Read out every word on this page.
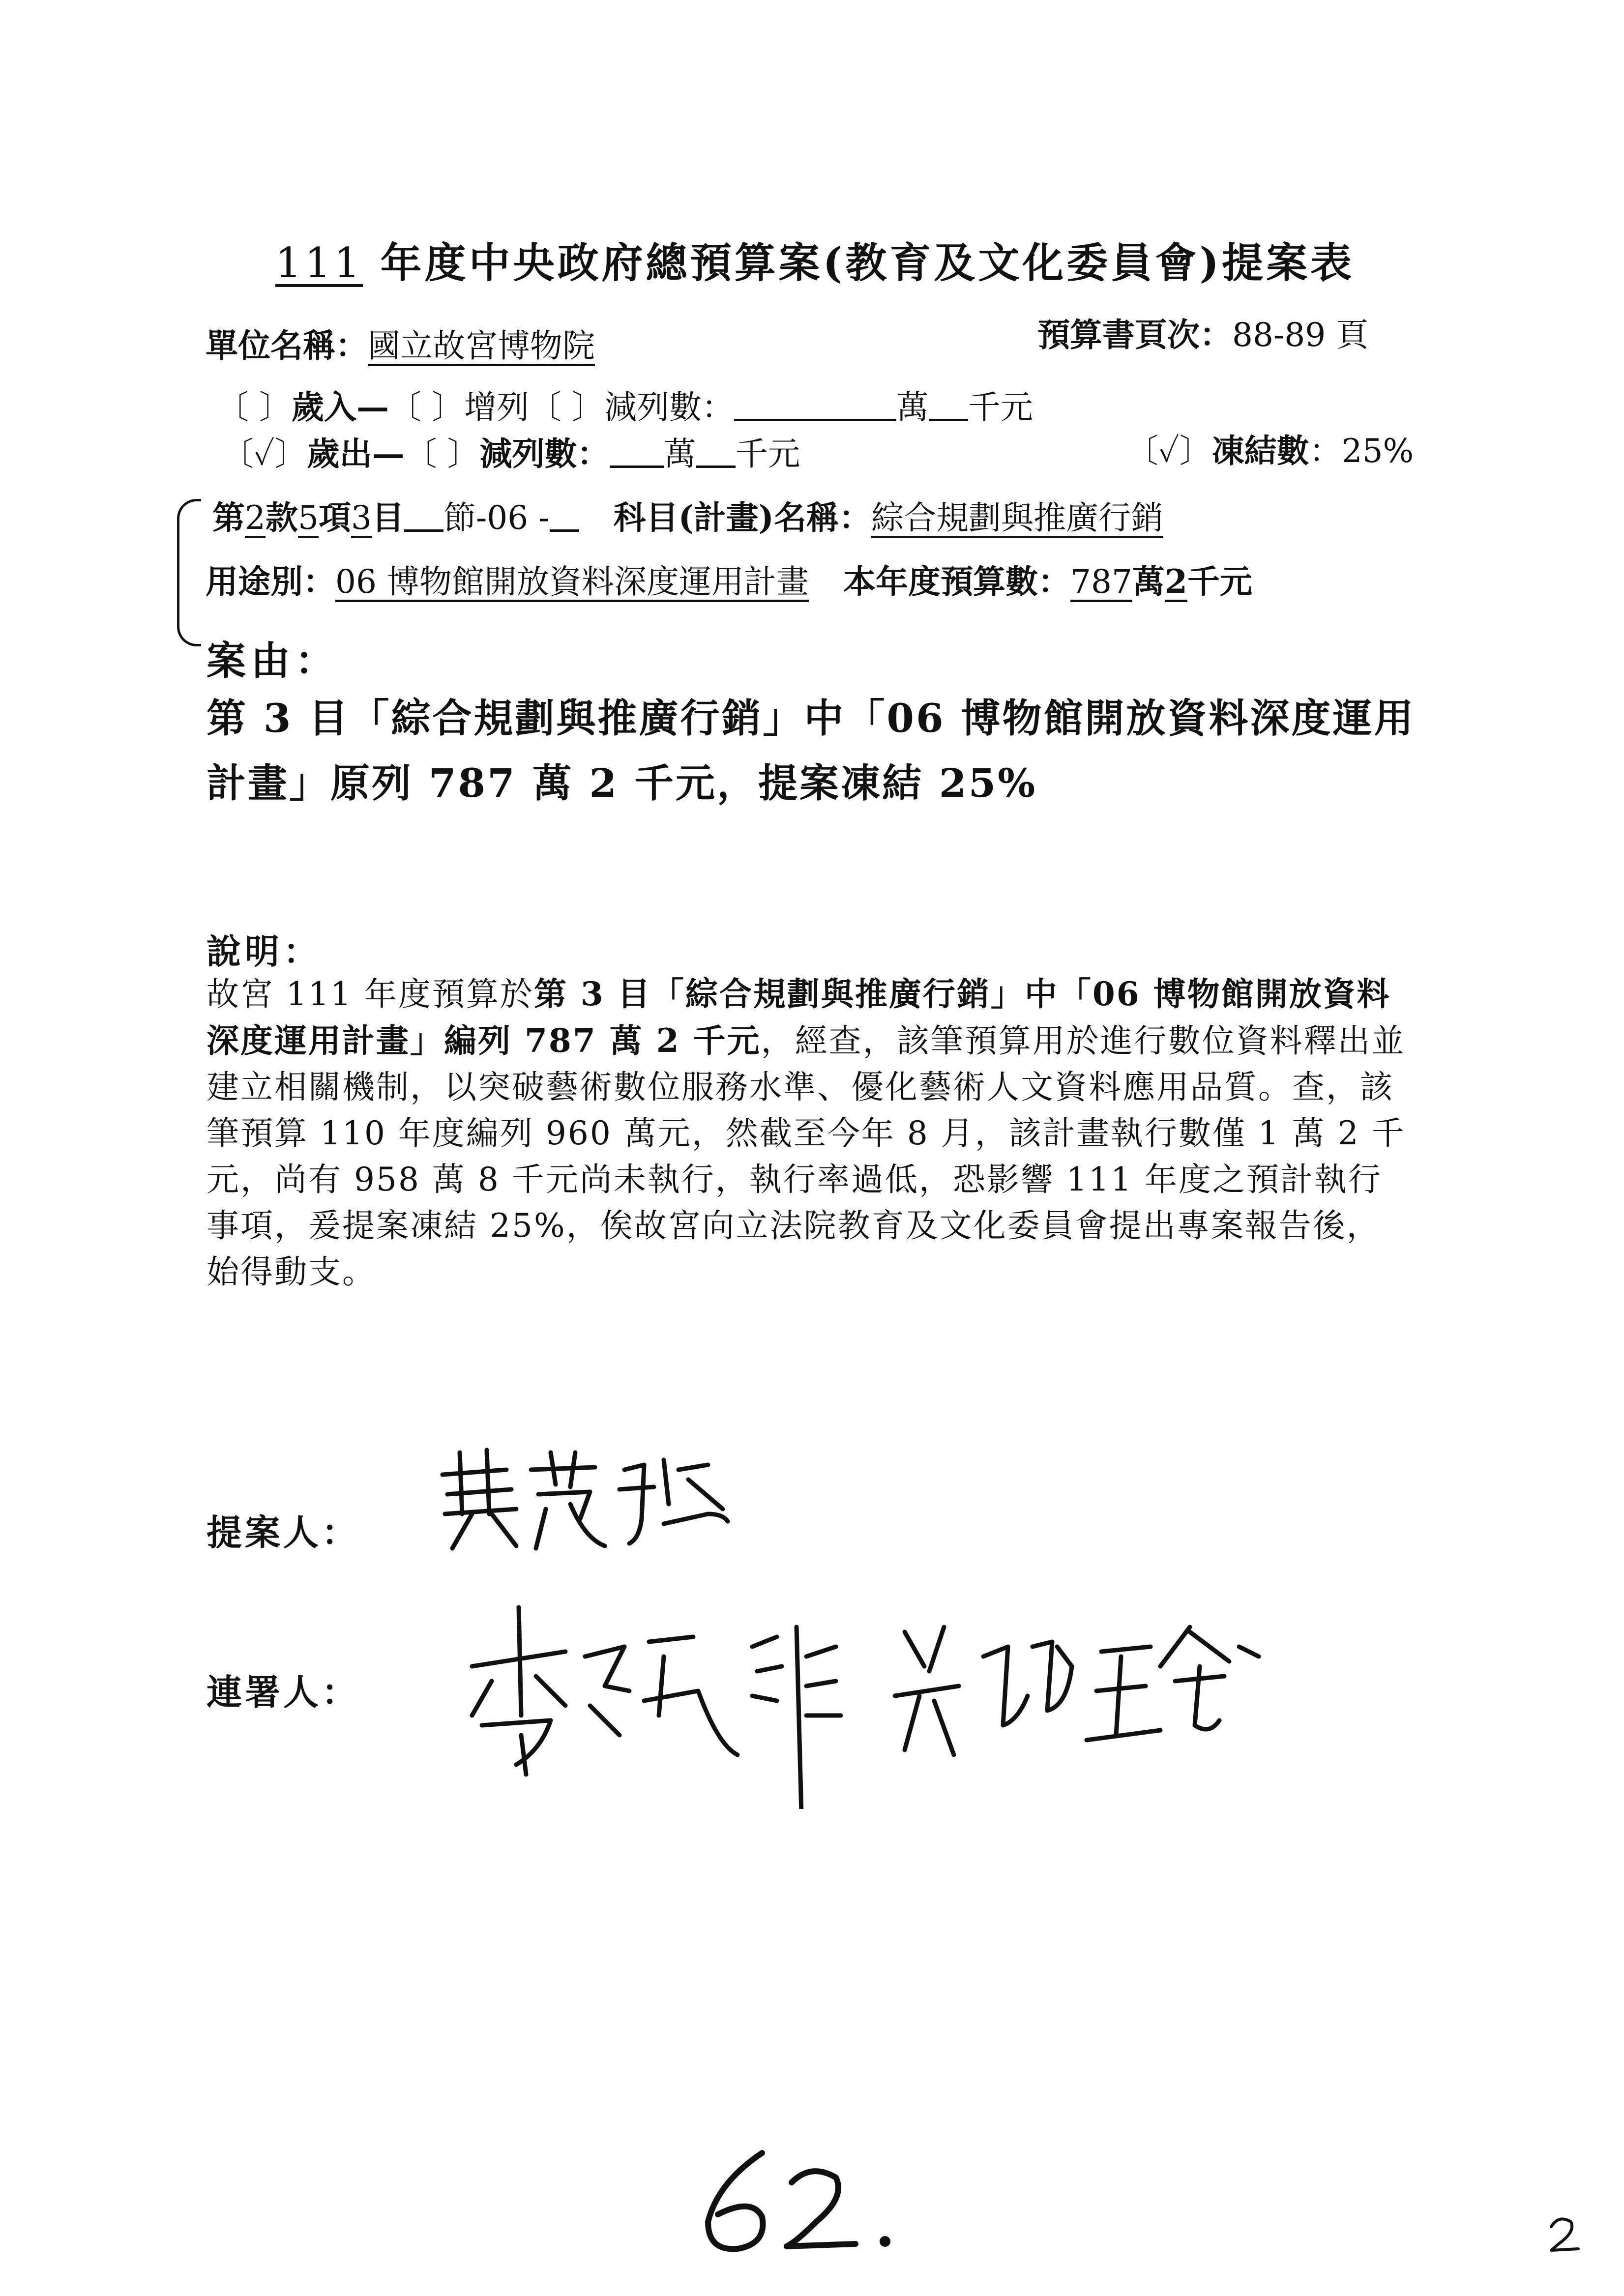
111 年度中央政府總預算案(教育及文化委員會)提案表
單位名稱：國立故宮博物院	預算書頁次：88-89 頁
〔 〕歲入—〔 〕增列〔 〕減列數：	萬 千元
〔✓〕歲出—〔 〕減列數： 萬 千元	〔✓〕凍結數：25%
第2款5項3目 節-06 - 科目(計畫)名稱：綜合規劃與推廣行銷
用途別：06 博物館開放資料深度運用計畫 本年度預算數：787萬2千元
案由：
第 3 目「綜合規劃與推廣行銷」中「06 博物館開放資料深度運用計畫」原列 787 萬 2 千元，提案凍結 25%
說明：
故宮 111 年度預算於第 3 目「綜合規劃與推廣行銷」中「06 博物館開放資料深度運用計畫」編列 787 萬 2 千元，經查，該筆預算用於進行數位資料釋出並建立相關機制，以突破藝術數位服務水準、優化藝術人文資料應用品質。查，該筆預算 110 年度編列 960 萬元，然截至今年 8 月，該計畫執行數僅 1 萬 2 千元，尚有 958 萬 8 千元尚未執行，執行率過低，恐影響 111 年度之預計執行事項，爰提案凍結 25%，俟故宮向立法院教育及文化委員會提出專案報告後，始得動支。
提案人：
連署人：
